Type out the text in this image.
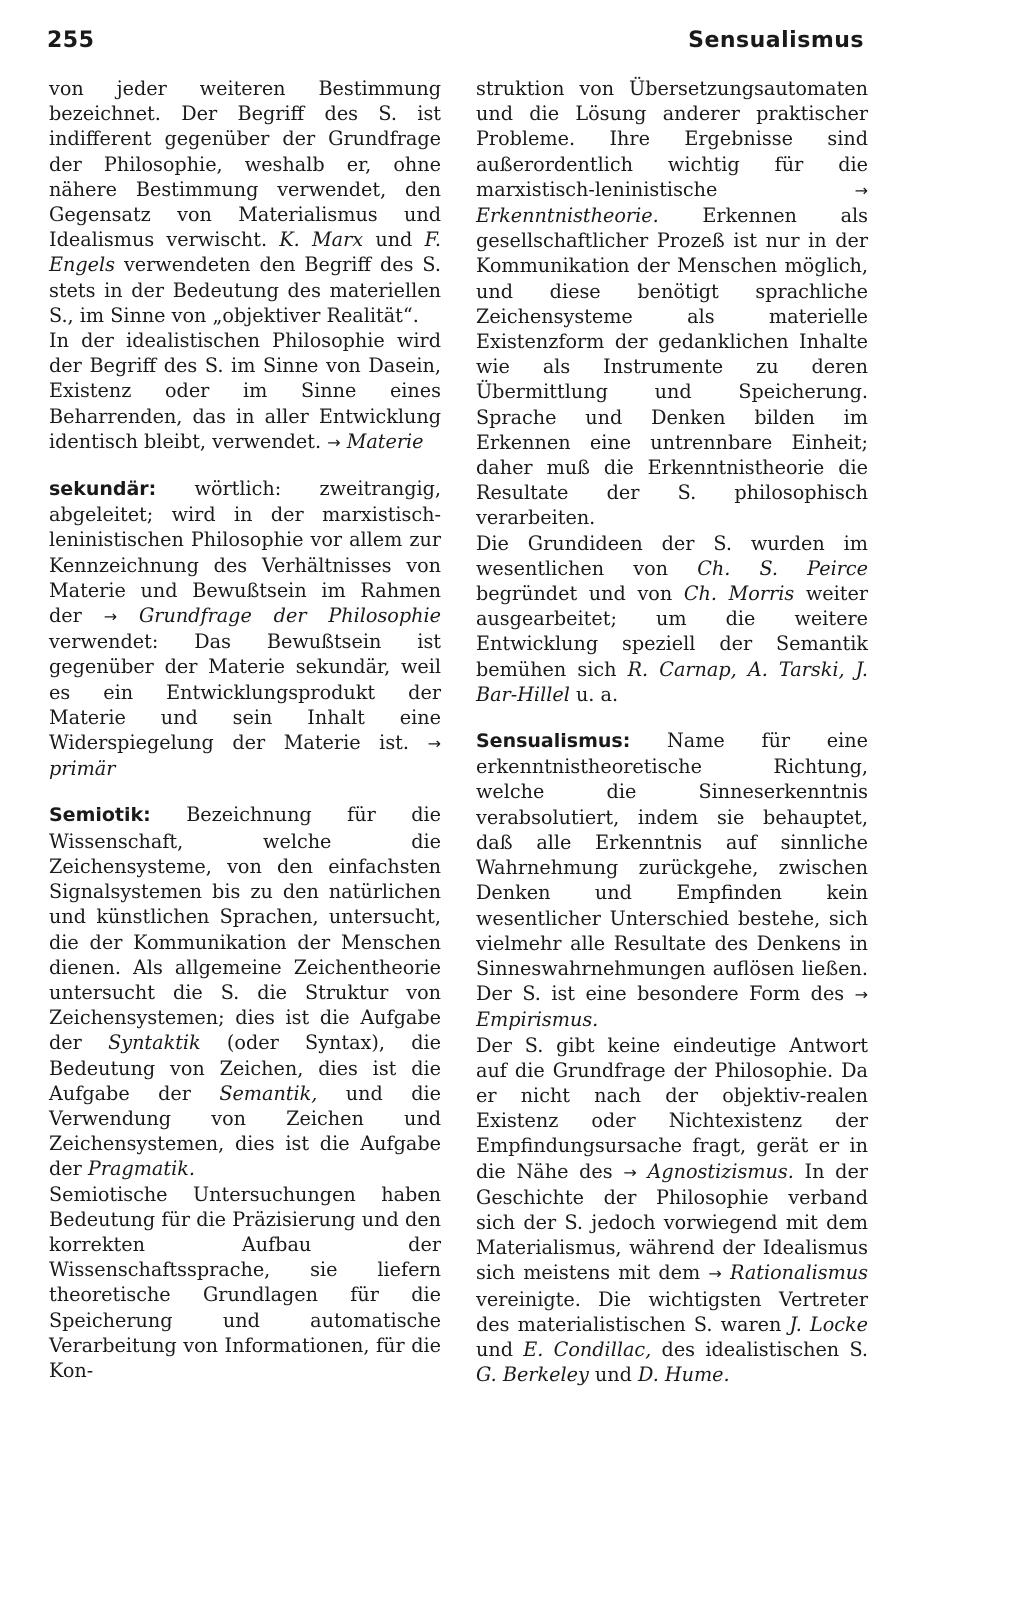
255	Sensualismus

von jeder weiteren Bestimmung bezeichnet. Der Begriff des S. ist indifferent gegenüber der Grundfrage der Philosophie, weshalb er, ohne nähere Bestimmung verwendet, den Gegensatz von Materialismus und Idealismus verwischt. K. Marx und F. Engels verwendeten den Begriff des S. stets in der Bedeutung des materiellen S., im Sinne von „objektiver Realität“.

In der idealistischen Philosophie wird der Begriff des S. im Sinne von Dasein, Existenz oder im Sinne eines Beharrenden, das in aller Entwicklung identisch bleibt, verwendet. → Materie

sekundär: wörtlich: zweitrangig, abgeleitet; wird in der marxistisch-leninistischen Philosophie vor allem zur Kennzeichnung des Verhältnisses von Materie und Bewußtsein im Rahmen der → Grundfrage der Philosophie verwendet: Das Bewußtsein ist gegenüber der Materie sekundär, weil es ein Entwicklungsprodukt der Materie und sein Inhalt eine Widerspiegelung der Materie ist. → primär

Semiotik: Bezeichnung für die Wissenschaft, welche die Zeichensysteme, von den einfachsten Signalsystemen bis zu den natürlichen und künstlichen Sprachen, untersucht, die der Kommunikation der Menschen dienen. Als allgemeine Zeichentheorie untersucht die S. die Struktur von Zeichensystemen; dies ist die Aufgabe der Syntaktik (oder Syntax), die Bedeutung von Zeichen, dies ist die Aufgabe der Semantik, und die Verwendung von Zeichen und Zeichensystemen, dies ist die Aufgabe der Pragmatik.

Semiotische Untersuchungen haben Bedeutung für die Präzisierung und den korrekten Aufbau der Wissenschaftssprache, sie liefern theoretische Grundlagen für die Speicherung und automatische Verarbeitung von Informationen, für die Kon-

struktion von Übersetzungsautomaten und die Lösung anderer praktischer Probleme. Ihre Ergebnisse sind außerordentlich wichtig für die marxistisch-leninistische → Erkenntnistheorie. Erkennen als gesellschaftlicher Prozeß ist nur in der Kommunikation der Menschen möglich, und diese benötigt sprachliche Zeichensysteme als materielle Existenzform der gedanklichen Inhalte wie als Instrumente zu deren Übermittlung und Speicherung. Sprache und Denken bilden im Erkennen eine untrennbare Einheit; daher muß die Erkenntnistheorie die Resultate der S. philosophisch verarbeiten.

Die Grundideen der S. wurden im wesentlichen von Ch. S. Peirce begründet und von Ch. Morris weiter ausgearbeitet; um die weitere Entwicklung speziell der Semantik bemühen sich R. Carnap, A. Tarski, J. Bar-Hillel u. a.

Sensualismus: Name für eine erkenntnistheoretische Richtung, welche die Sinneserkenntnis verabsolutiert, indem sie behauptet, daß alle Erkenntnis auf sinnliche Wahrnehmung zurückgehe, zwischen Denken und Empfinden kein wesentlicher Unterschied bestehe, sich vielmehr alle Resultate des Denkens in Sinneswahrnehmungen auflösen ließen. Der S. ist eine besondere Form des → Empirismus.

Der S. gibt keine eindeutige Antwort auf die Grundfrage der Philosophie. Da er nicht nach der objektiv-realen Existenz oder Nichtexistenz der Empfindungsursache fragt, gerät er in die Nähe des → Agnostizismus. In der Geschichte der Philosophie verband sich der S. jedoch vorwiegend mit dem Materialismus, während der Idealismus sich meistens mit dem → Rationalismus vereinigte. Die wichtigsten Vertreter des materialistischen S. waren J. Locke und E. Condillac, des idealistischen S. G. Berkeley und D. Hume.
